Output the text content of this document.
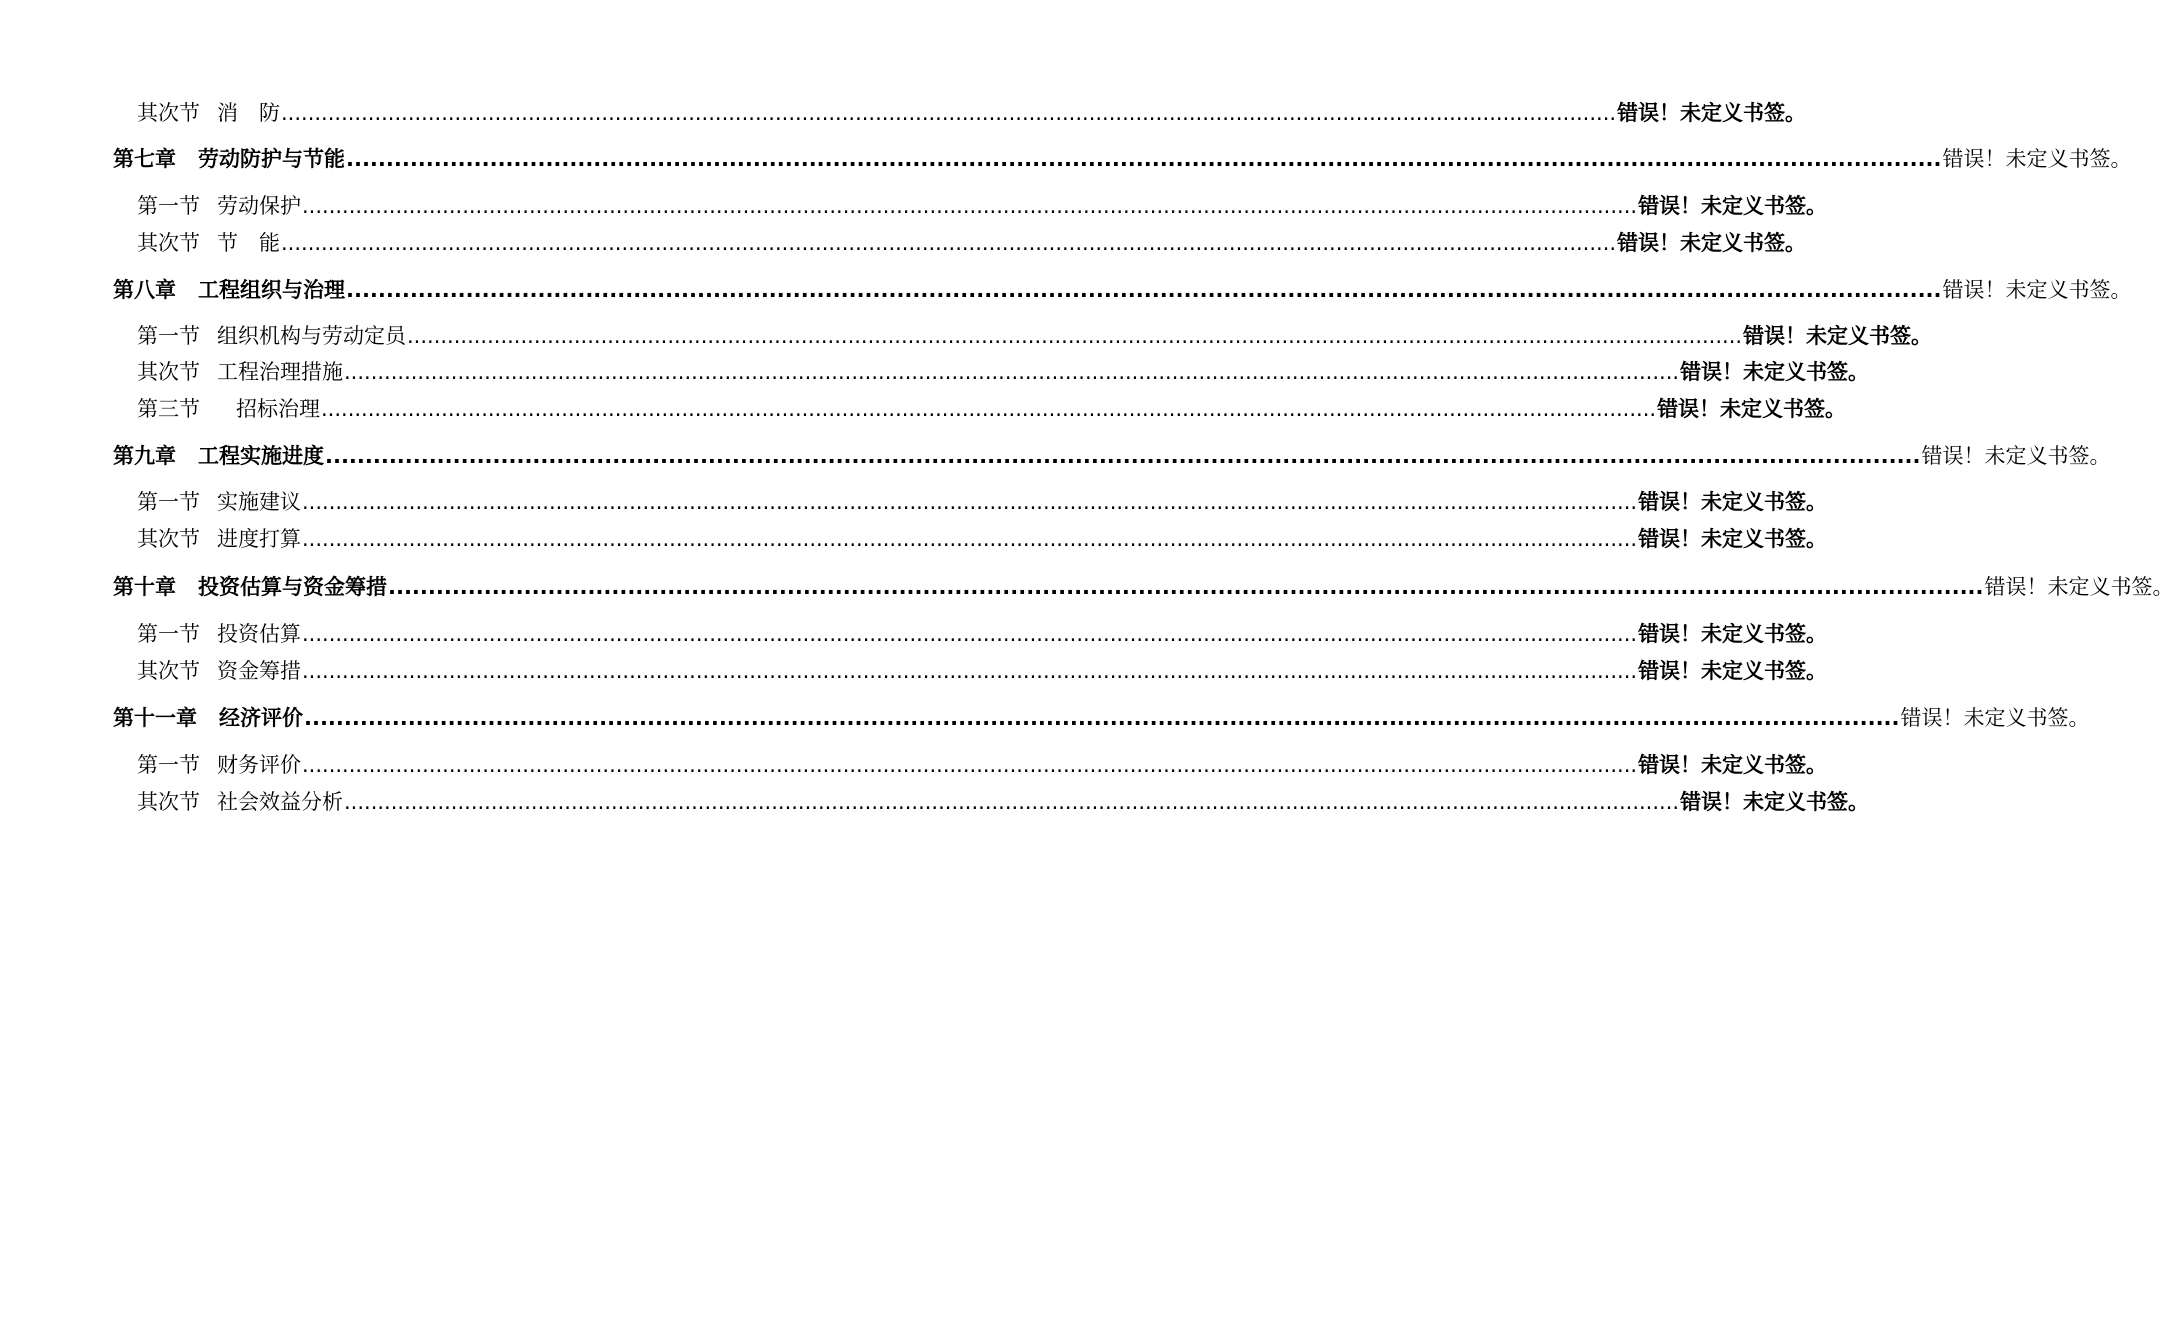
其次节 消　防 ........................................................................................................................................................................................................ 错误！未定义书签。
第七章 劳动防护与节能 ........................................................................................................................................................................................................ 错误！未定义书签。
第一节 劳动保护 ........................................................................................................................................................................................................ 错误！未定义书签。
其次节 节　能 ........................................................................................................................................................................................................ 错误！未定义书签。
第八章 工程组织与治理 ........................................................................................................................................................................................................ 错误！未定义书签。
第一节 组织机构与劳动定员 ........................................................................................................................................................................................................ 错误！未定义书签。
其次节 工程治理措施 ........................................................................................................................................................................................................ 错误！未定义书签。
第三节 招标治理 ........................................................................................................................................................................................................ 错误！未定义书签。
第九章 工程实施进度 ........................................................................................................................................................................................................ 错误！未定义书签。
第一节 实施建议 ........................................................................................................................................................................................................ 错误！未定义书签。
其次节 进度打算 ........................................................................................................................................................................................................ 错误！未定义书签。
第十章 投资估算与资金筹措 ........................................................................................................................................................................................................ 错误！未定义书签。
第一节 投资估算 ........................................................................................................................................................................................................ 错误！未定义书签。
其次节 资金筹措 ........................................................................................................................................................................................................ 错误！未定义书签。
第十一章 经济评价 ........................................................................................................................................................................................................ 错误！未定义书签。
第一节 财务评价 ........................................................................................................................................................................................................ 错误！未定义书签。
其次节 社会效益分析 ........................................................................................................................................................................................................ 错误！未定义书签。
